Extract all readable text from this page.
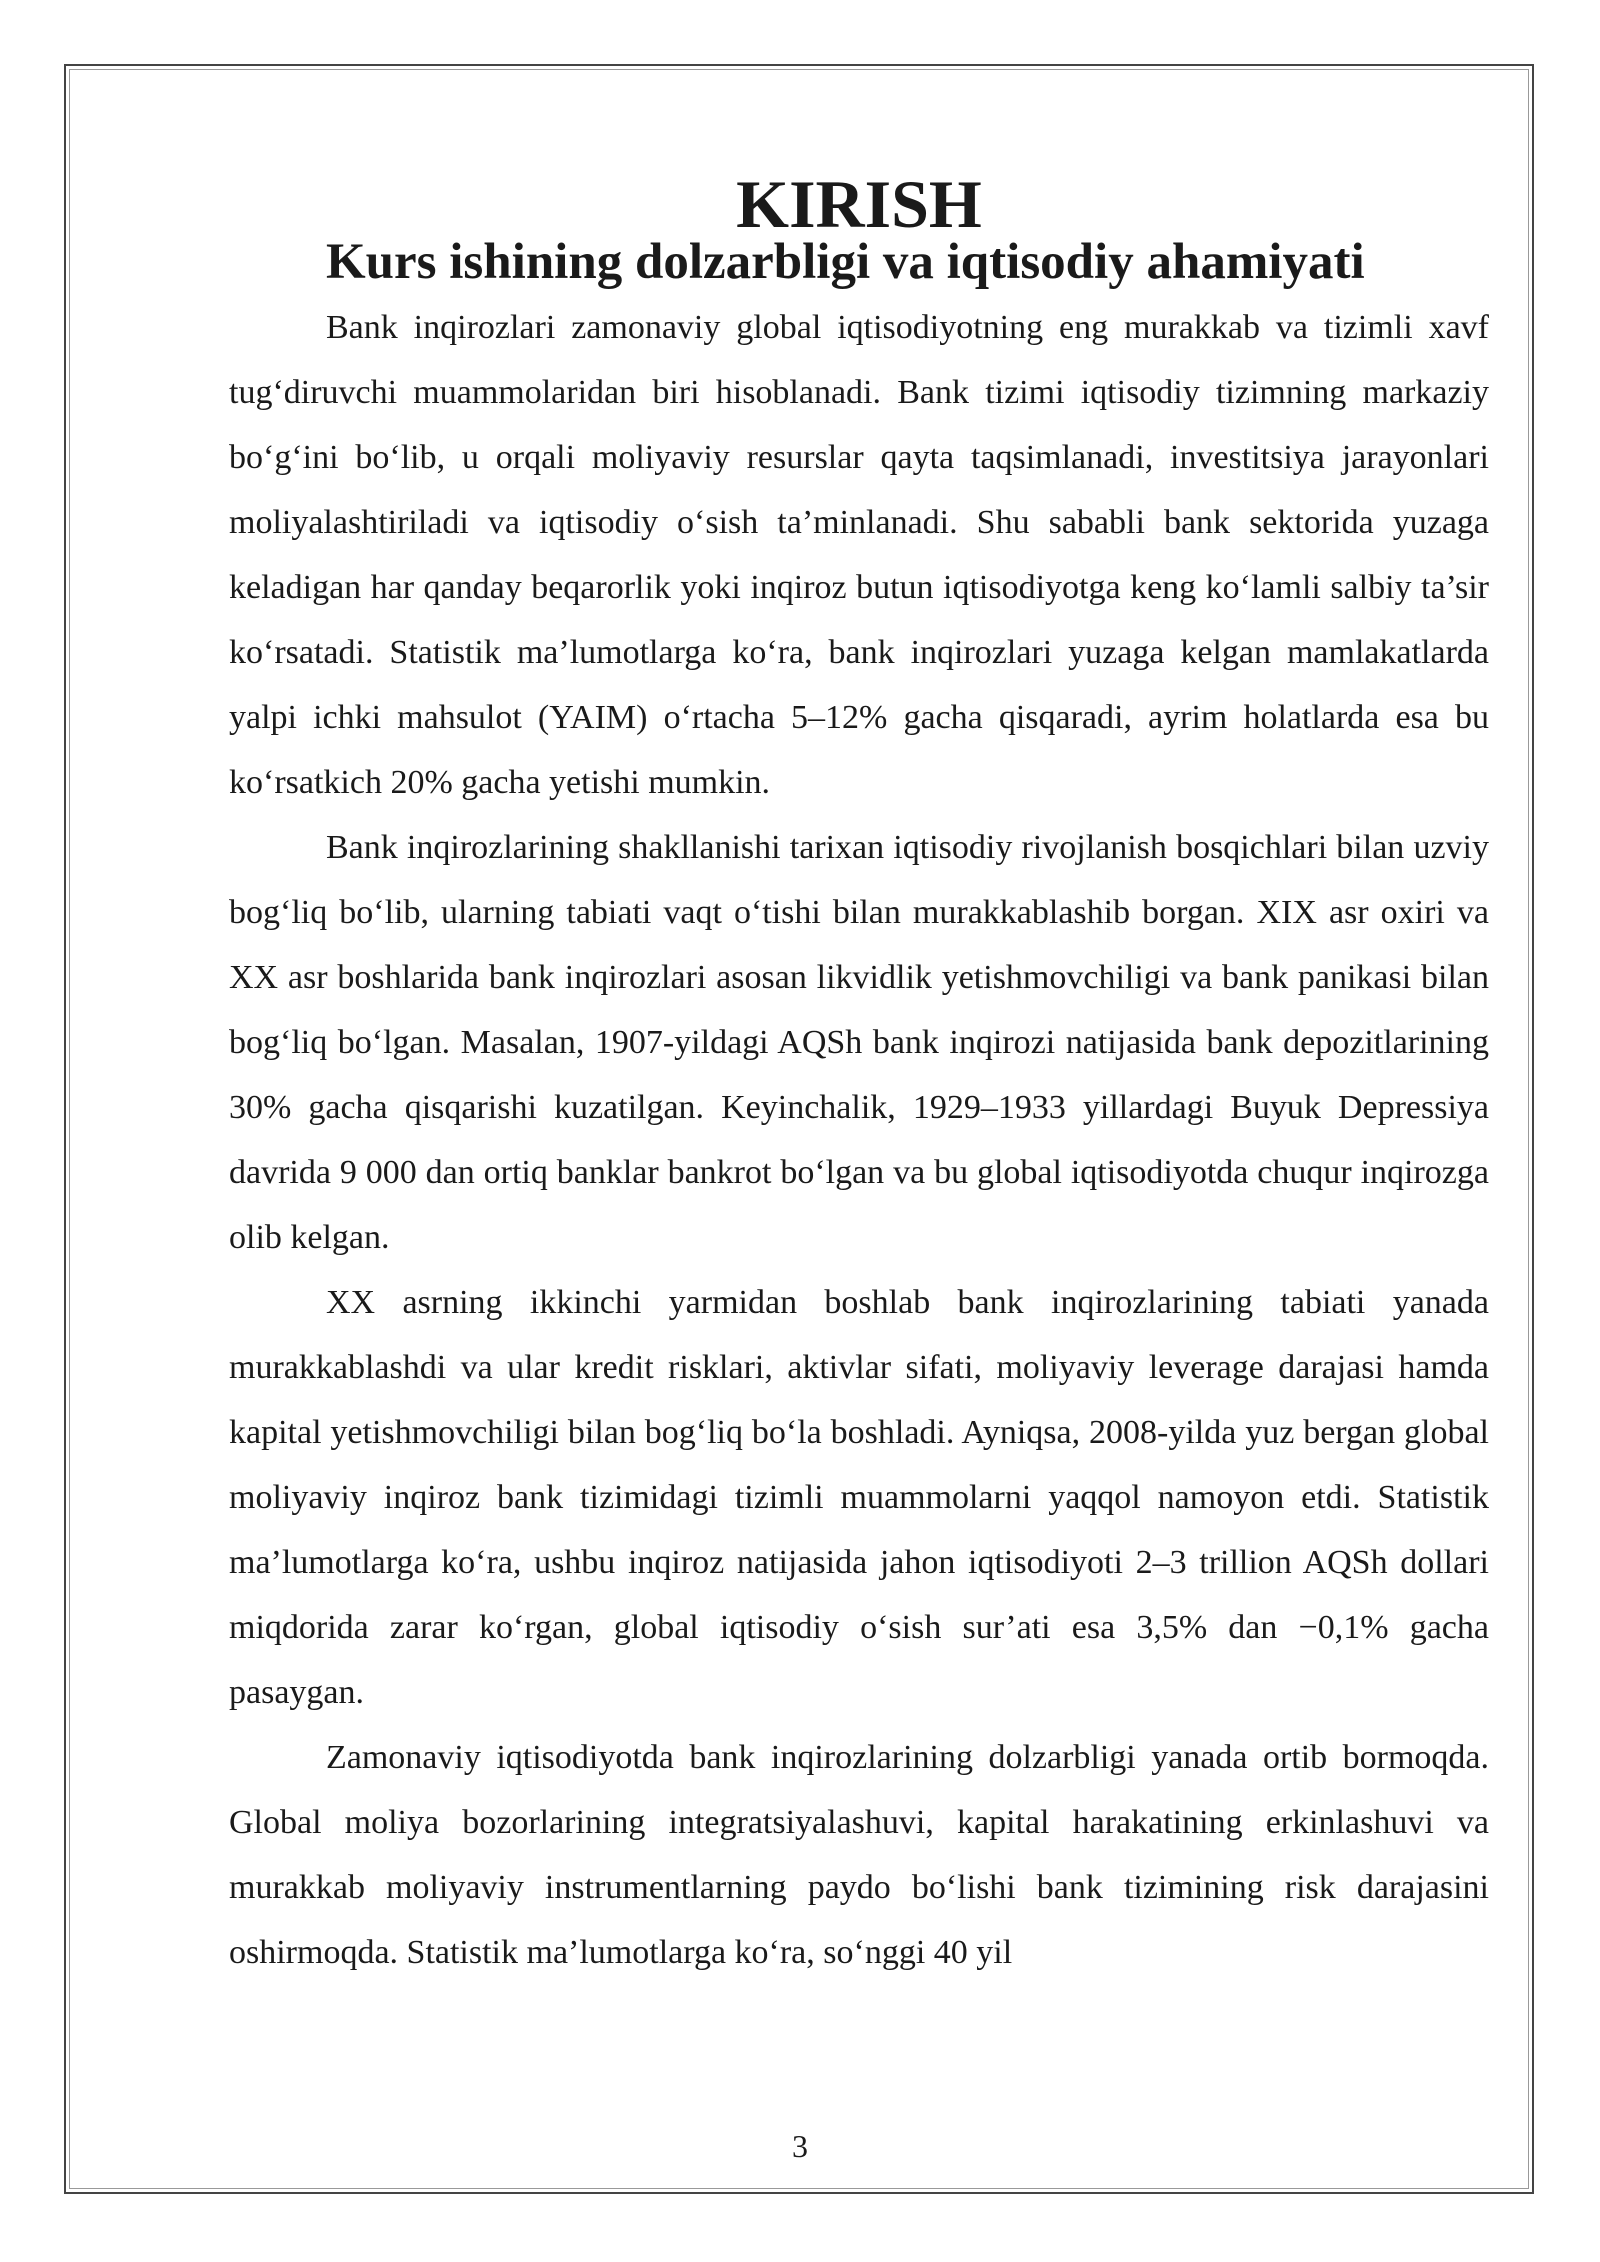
KIRISH
Kurs ishining dolzarbligi va iqtisodiy ahamiyati

Bank inqirozlari zamonaviy global iqtisodiyotning eng murakkab va tizimli xavf tug‘diruvchi muammolaridan biri hisoblanadi. Bank tizimi iqtisodiy tizimning markaziy bo‘g‘ini bo‘lib, u orqali moliyaviy resurslar qayta taqsimlanadi, investitsiya jarayonlari moliyalashtiriladi va iqtisodiy o‘sish ta’minlanadi. Shu sababli bank sektorida yuzaga keladigan har qanday beqarorlik yoki inqiroz butun iqtisodiyotga keng ko‘lamli salbiy ta’sir ko‘rsatadi. Statistik ma’lumotlarga ko‘ra, bank inqirozlari yuzaga kelgan mamlakatlarda yalpi ichki mahsulot (YAIM) o‘rtacha 5–12% gacha qisqaradi, ayrim holatlarda esa bu ko‘rsatkich 20% gacha yetishi mumkin.

Bank inqirozlarining shakllanishi tarixan iqtisodiy rivojlanish bosqichlari bilan uzviy bog‘liq bo‘lib, ularning tabiati vaqt o‘tishi bilan murakkablashib borgan. XIX asr oxiri va XX asr boshlarida bank inqirozlari asosan likvidlik yetishmovchiligi va bank panikasi bilan bog‘liq bo‘lgan. Masalan, 1907-yildagi AQSh bank inqirozi natijasida bank depozitlarining 30% gacha qisqarishi kuzatilgan. Keyinchalik, 1929–1933 yillardagi Buyuk Depressiya davrida 9 000 dan ortiq banklar bankrot bo‘lgan va bu global iqtisodiyotda chuqur inqirozga olib kelgan.

XX asrning ikkinchi yarmidan boshlab bank inqirozlarining tabiati yanada murakkablashdi va ular kredit risklari, aktivlar sifati, moliyaviy leverage darajasi hamda kapital yetishmovchiligi bilan bog‘liq bo‘la boshladi. Ayniqsa, 2008-yilda yuz bergan global moliyaviy inqiroz bank tizimidagi tizimli muammolarni yaqqol namoyon etdi. Statistik ma’lumotlarga ko‘ra, ushbu inqiroz natijasida jahon iqtisodiyoti 2–3 trillion AQSh dollari miqdorida zarar ko‘rgan, global iqtisodiy o‘sish sur’ati esa 3,5% dan −0,1% gacha pasaygan.

Zamonaviy iqtisodiyotda bank inqirozlarining dolzarbligi yanada ortib bormoqda. Global moliya bozorlarining integratsiyalashuvi, kapital harakatining erkinlashuvi va murakkab moliyaviy instrumentlarning paydo bo‘lishi bank tizimining risk darajasini oshirmoqda. Statistik ma’lumotlarga ko‘ra, so‘nggi 40 yil

3
